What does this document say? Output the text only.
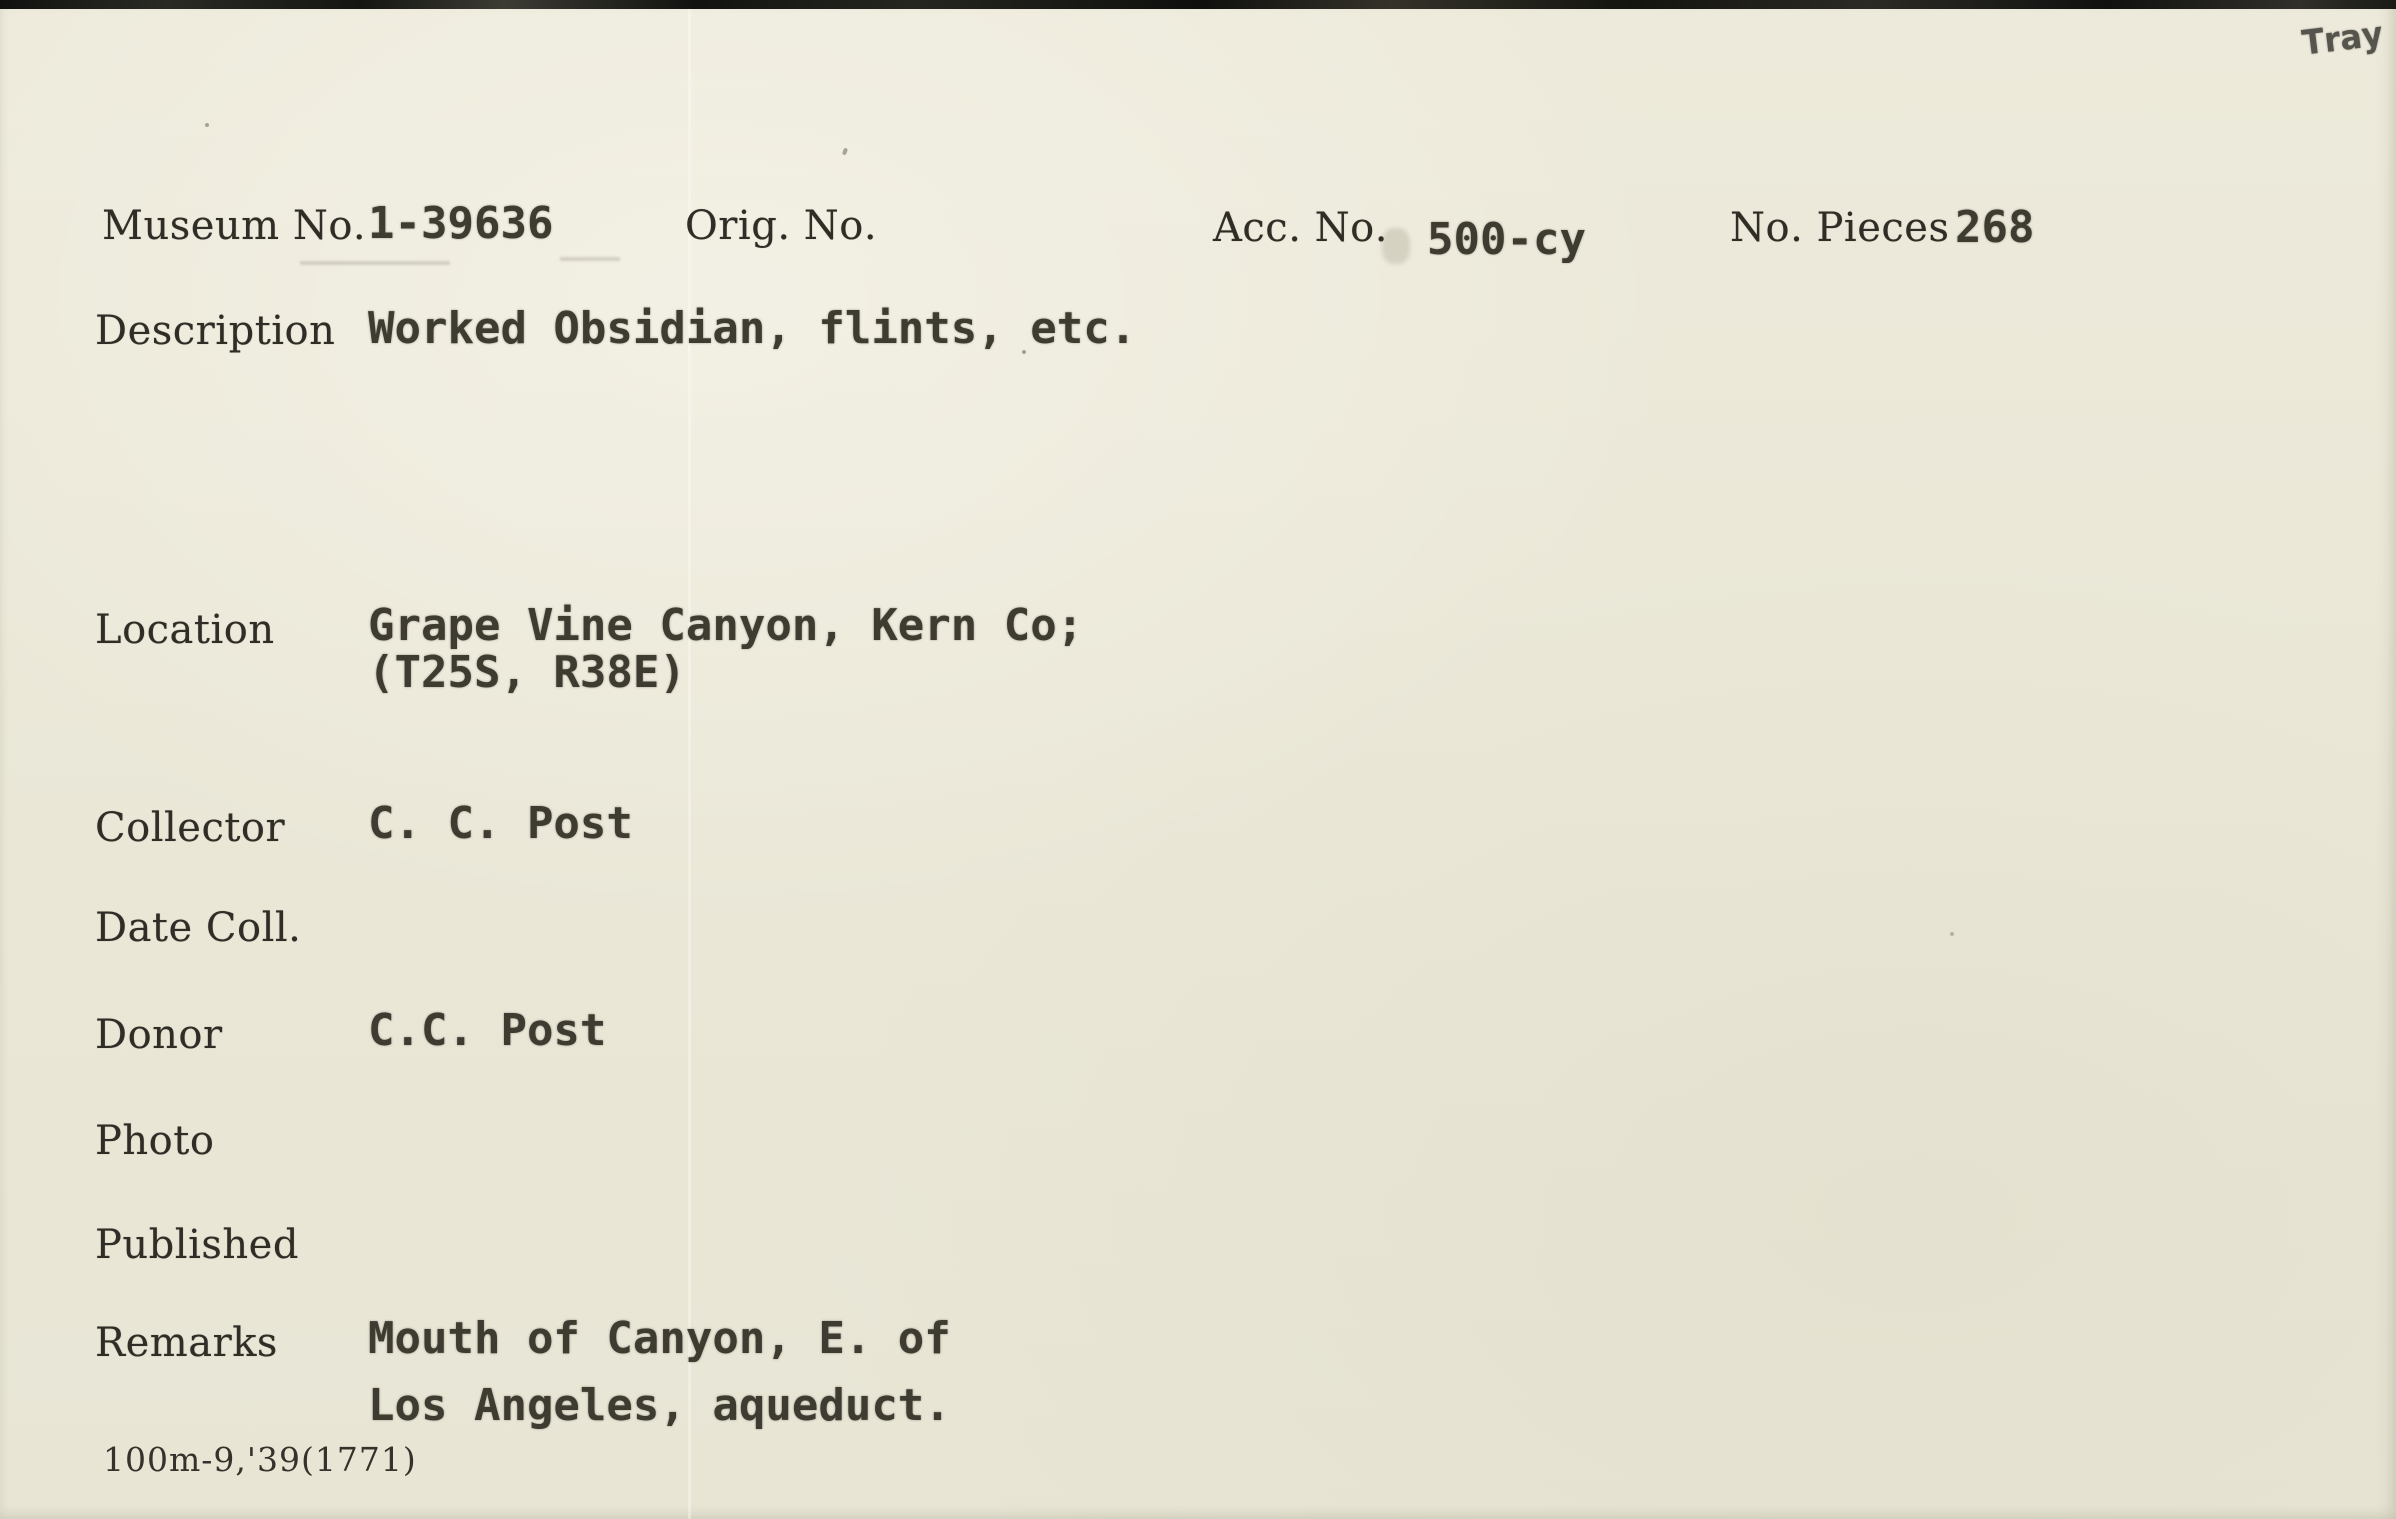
Tray
Museum No. 1-39636	Orig. No.	Acc. No. 500-cy	No. Pieces 268
Description Worked Obsidian, flints, etc.
Location Grape Vine Canyon, Kern Co;
(T25S, R38E)
Collector C. C. Post
Date Coll.
Donor	C.C. Post
Photo
Published
Remarks Mouth of Canyon, E. of
Los Angeles, aqueduct.
100m-9,'39(1771)
